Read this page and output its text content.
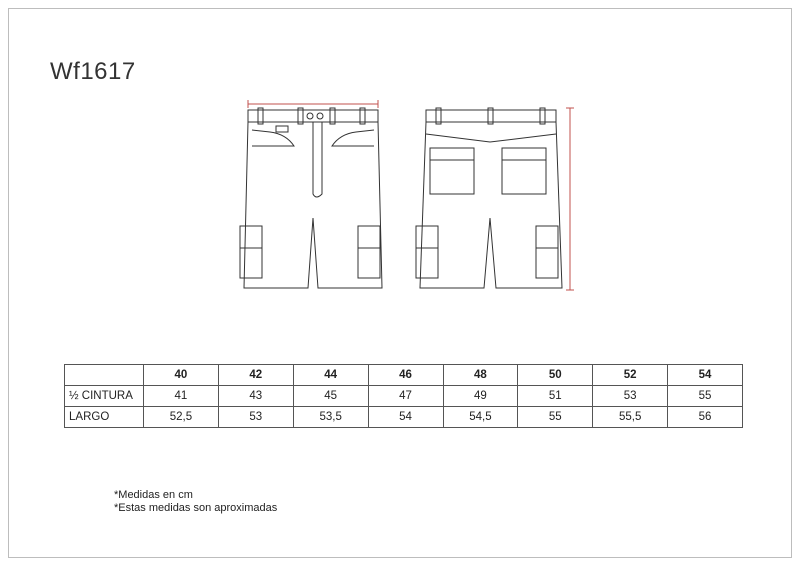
Wf1617
	40	42	44	46	48	50	52	54
½ CINTURA	41	43	45	47	49	51	53	55
LARGO	52,5	53	53,5	54	54,5	55	55,5	56
*Medidas en cm
*Estas medidas son aproximadas
